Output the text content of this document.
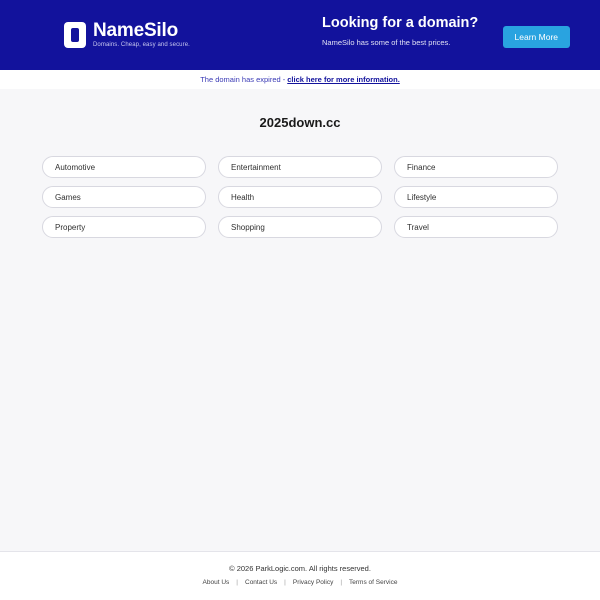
NameSilo
Domains. Cheap, easy and secure.
Looking for a domain?
NameSilo has some of the best prices.
Learn More
The domain has expired - click here for more information.
2025down.cc
Automotive	Entertainment	Finance
Games	Health	Lifestyle
Property	Shopping	Travel
© 2026 ParkLogic.com. All rights reserved.
About Us | Contact Us | Privacy Policy | Terms of Service
